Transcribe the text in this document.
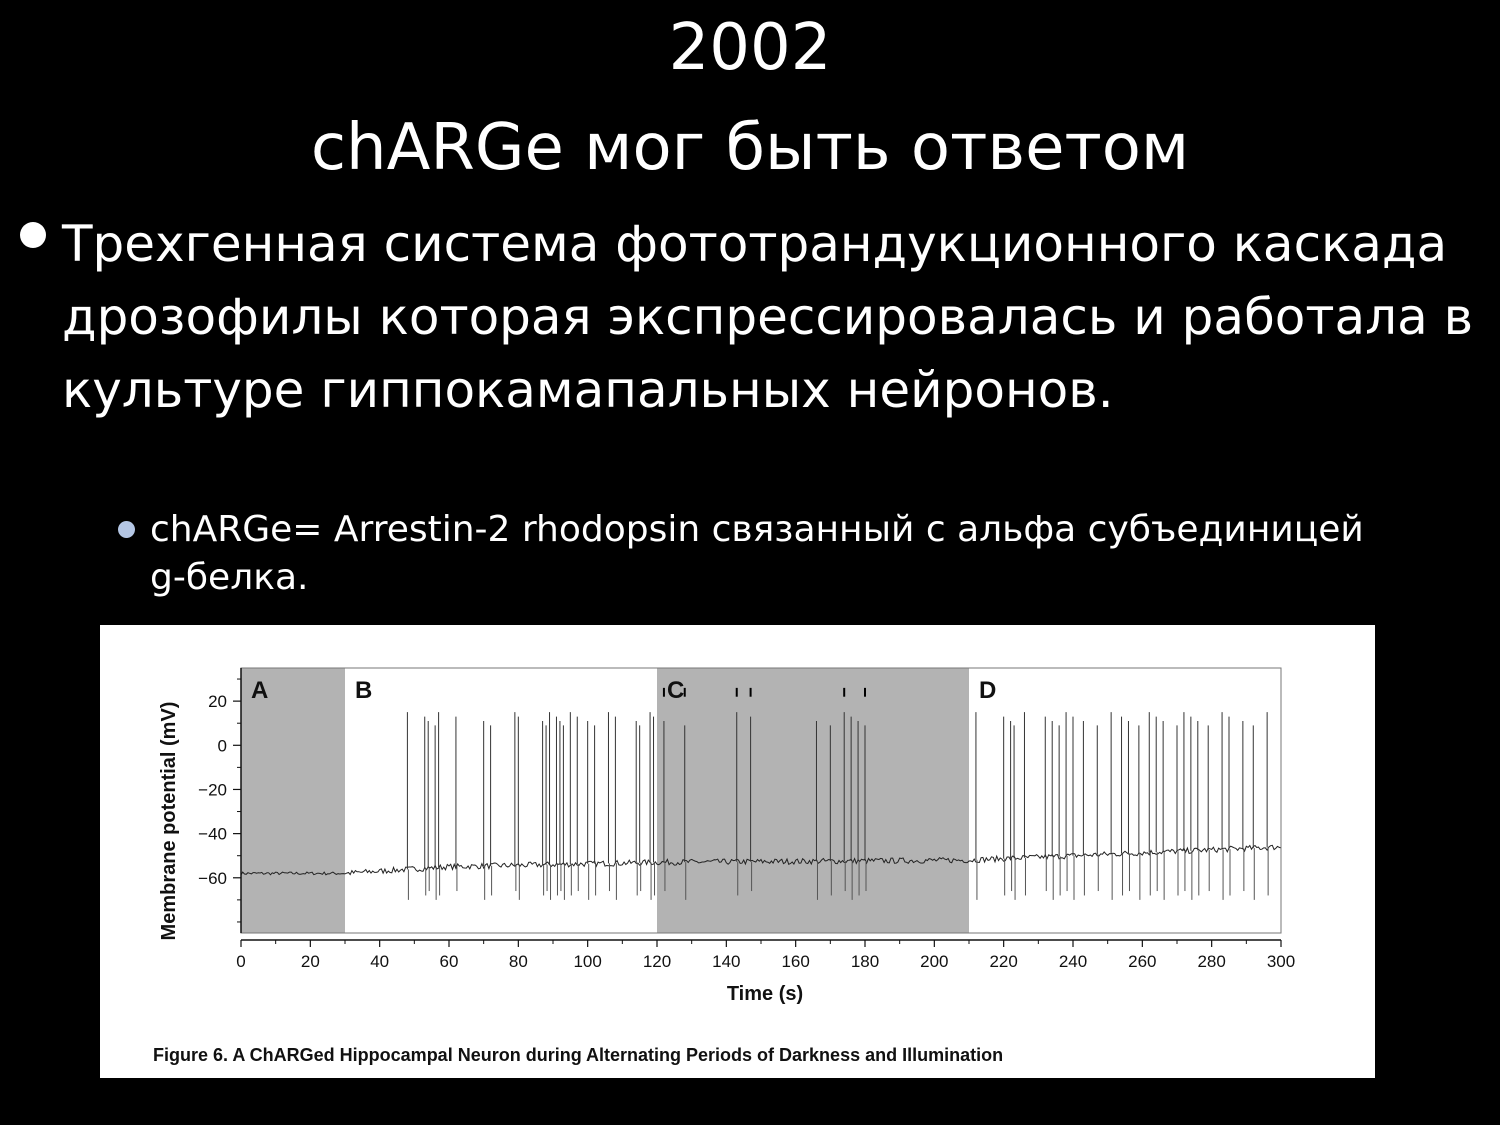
2002
chARGe мог быть ответом
Трехгенная система фототрандукционного каскада дрозофилы которая экспрессировалась и работала в культуре гиппокамапальных нейронов.
chARGe= Arrestin-2 rhodopsin связанный с альфа субъединицей g-белка.
A	B	C	D
20
0
−20
−40
−60
0	20	40	60	80	100 120 140 160 180 200 220 240 260 280 300
Time (s)
Membrane potential (mV)
Figure 6. A ChARGed Hippocampal Neuron during Alternating Periods of Darkness and Illumination
